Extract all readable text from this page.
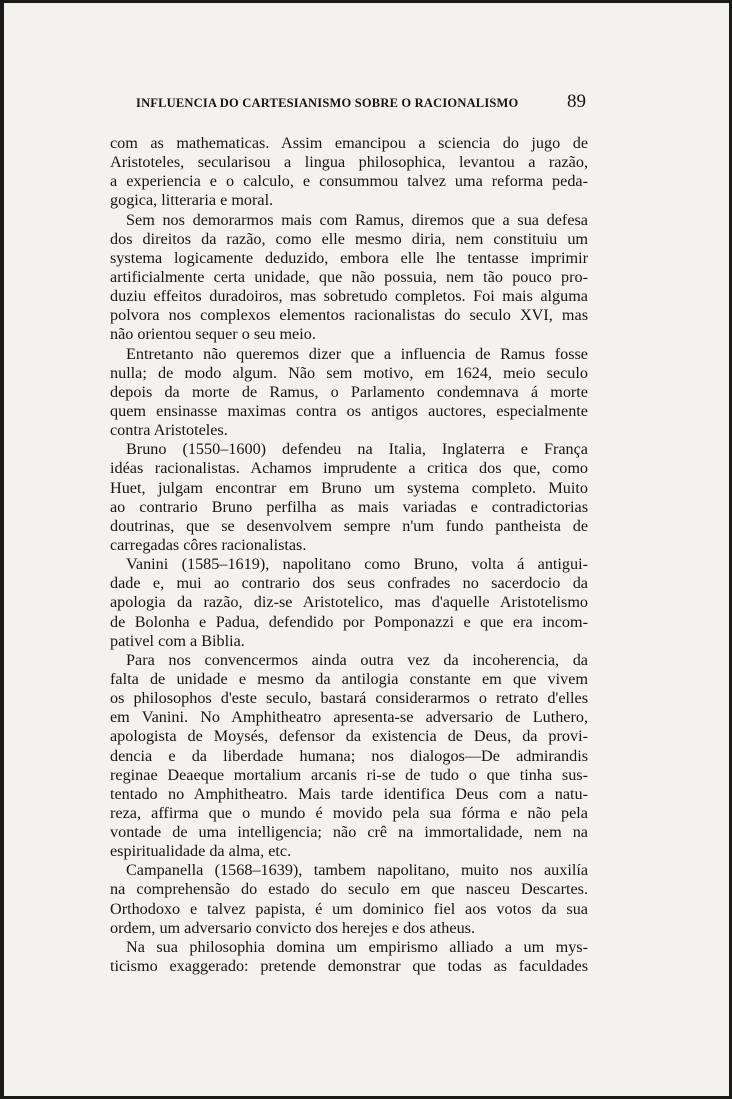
INFLUENCIA DO CARTESIANISMO SOBRE O RACIONALISMO	89
com as mathematicas. Assim emancipou a sciencia do jugo de
Aristoteles, secularisou a lingua philosophica, levantou a razão,
a experiencia e o calculo, e consummou talvez uma reforma peda-
gogica, litteraria e moral.
Sem nos demorarmos mais com Ramus, diremos que a sua defesa
dos direitos da razão, como elle mesmo diria, nem constituiu um
systema logicamente deduzido, embora elle lhe tentasse imprimir
artificialmente certa unidade, que não possuia, nem tão pouco pro-
duziu effeitos duradoiros, mas sobretudo completos. Foi mais alguma
polvora nos complexos elementos racionalistas do seculo XVI, mas
não orientou sequer o seu meio.
Entretanto não queremos dizer que a influencia de Ramus fosse
nulla; de modo algum. Não sem motivo, em 1624, meio seculo
depois da morte de Ramus, o Parlamento condemnava á morte
quem ensinasse maximas contra os antigos auctores, especialmente
contra Aristoteles.
Bruno (1550–1600) defendeu na Italia, Inglaterra e França
idéas racionalistas. Achamos imprudente a critica dos que, como
Huet, julgam encontrar em Bruno um systema completo. Muito
ao contrario Bruno perfilha as mais variadas e contradictorias
doutrinas, que se desenvolvem sempre n'um fundo pantheista de
carregadas côres racionalistas.
Vanini (1585–1619), napolitano como Bruno, volta á antigui-
dade e, mui ao contrario dos seus confrades no sacerdocio da
apologia da razão, diz-se Aristotelico, mas d'aquelle Aristotelismo
de Bolonha e Padua, defendido por Pomponazzi e que era incom-
pativel com a Biblia.
Para nos convencermos ainda outra vez da incoherencia, da
falta de unidade e mesmo da antilogia constante em que vivem
os philosophos d'este seculo, bastará considerarmos o retrato d'elles
em Vanini. No Amphitheatro apresenta-se adversario de Luthero,
apologista de Moysés, defensor da existencia de Deus, da provi-
dencia e da liberdade humana; nos dialogos—De admirandis
reginae Deaeque mortalium arcanis ri-se de tudo o que tinha sus-
tentado no Amphitheatro. Mais tarde identifica Deus com a natu-
reza, affirma que o mundo é movido pela sua fórma e não pela
vontade de uma intelligencia; não crê na immortalidade, nem na
espiritualidade da alma, etc.
Campanella (1568–1639), tambem napolitano, muito nos auxilía
na comprehensão do estado do seculo em que nasceu Descartes.
Orthodoxo e talvez papista, é um dominico fiel aos votos da sua
ordem, um adversario convicto dos herejes e dos atheus.
Na sua philosophia domina um empirismo alliado a um mys-
ticismo exaggerado: pretende demonstrar que todas as faculdades
